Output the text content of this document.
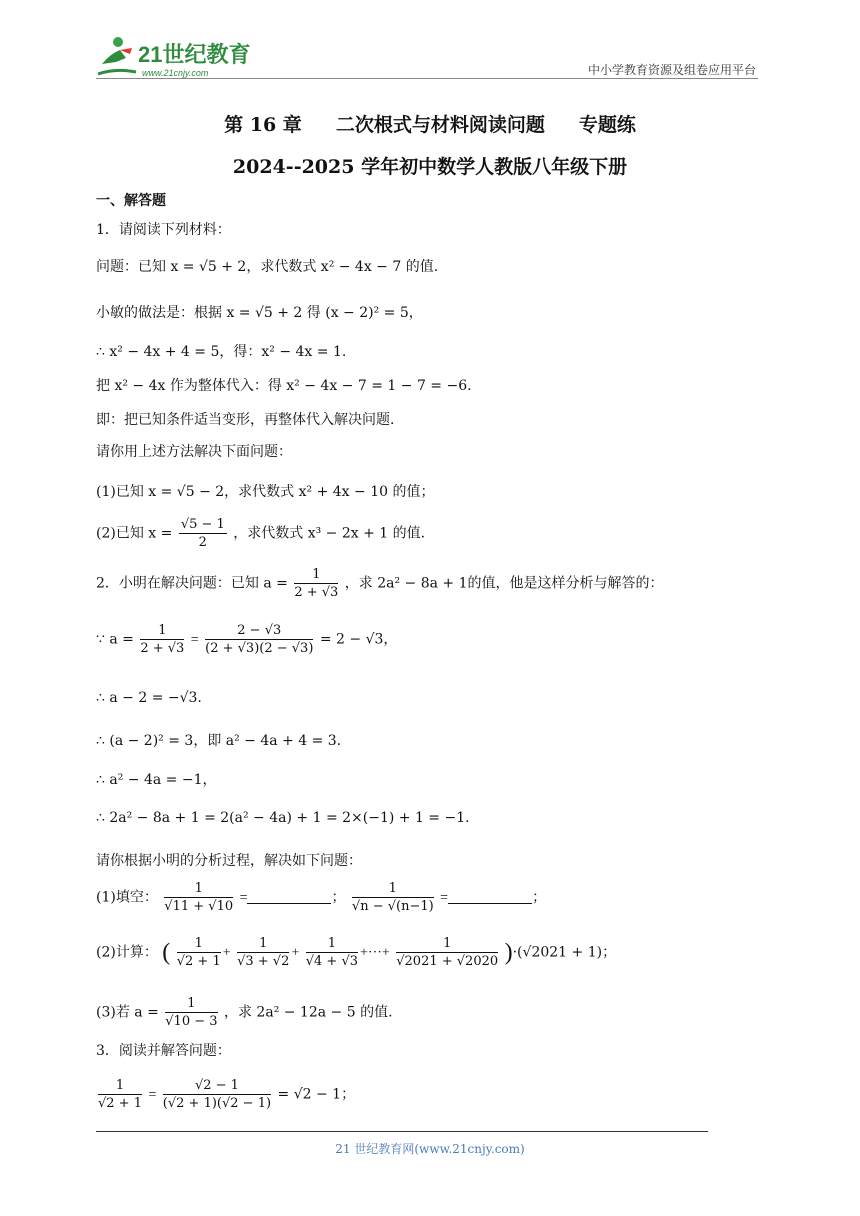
21世纪教育
www.21cnjy.com	中小学教育资源及组卷应用平台
第 16 章 二次根式与材料阅读问题 专题练
2024--2025 学年初中数学人教版八年级下册
一、解答题
1．请阅读下列材料：
问题：已知 x = √5 + 2，求代数式 x² − 4x − 7 的值.
小敏的做法是：根据 x = √5 + 2 得 (x − 2)² = 5，
∴ x² − 4x + 4 = 5，得：x² − 4x = 1.
把 x² − 4x 作为整体代入：得 x² − 4x − 7 = 1 − 7 = −6.
即：把已知条件适当变形，再整体代入解决问题.
请你用上述方法解决下面问题：
(1)已知 x = √5 − 2，求代数式 x² + 4x − 10 的值；
(2)已知 $x = \frac{√5 - 1}{2}$ ，求代数式 x³ − 2x + 1 的值.
2．小明在解决问题：已知 $a = \frac{1}{2 + √3}$ ，求 2a² − 8a + 1的值，他是这样分析与解答的：
∵ $a = \frac{1}{2 + √3} = \frac{2 - √3}{(2 + √3)(2 - √3)} = 2 - √3$，
∴ a − 2 = −√3.
∴ (a − 2)² = 3，即 a² − 4a + 4 = 3.
∴ a² − 4a = −1，
∴ 2a² − 8a + 1 = 2(a² − 4a) + 1 = 2×(−1) + 1 = −1.
请你根据小明的分析过程，解决如下问题：
(1)填空： $\frac{1}{√11 + √10}$ =	； $\frac{1}{√n - √(n-1)}$ =	；
(2)计算： ( $\frac{1}{√2 + 1} + \frac{1}{√3 + √2} + \frac{1}{√4 + √3}$ +···+ $\frac{1}{√2021 + √2020} )\cdot(√2021 + 1)$；
(3)若 $a = \frac{1}{√10 - 3}$ ，求 2a² − 12a − 5 的值.
3．阅读并解答问题：
$\frac{1}{√2 + 1} = \frac{√2 - 1}{(√2 + 1)(√2 - 1)} = √2 - 1$；
21 世纪教育网(www.21cnjy.com)
